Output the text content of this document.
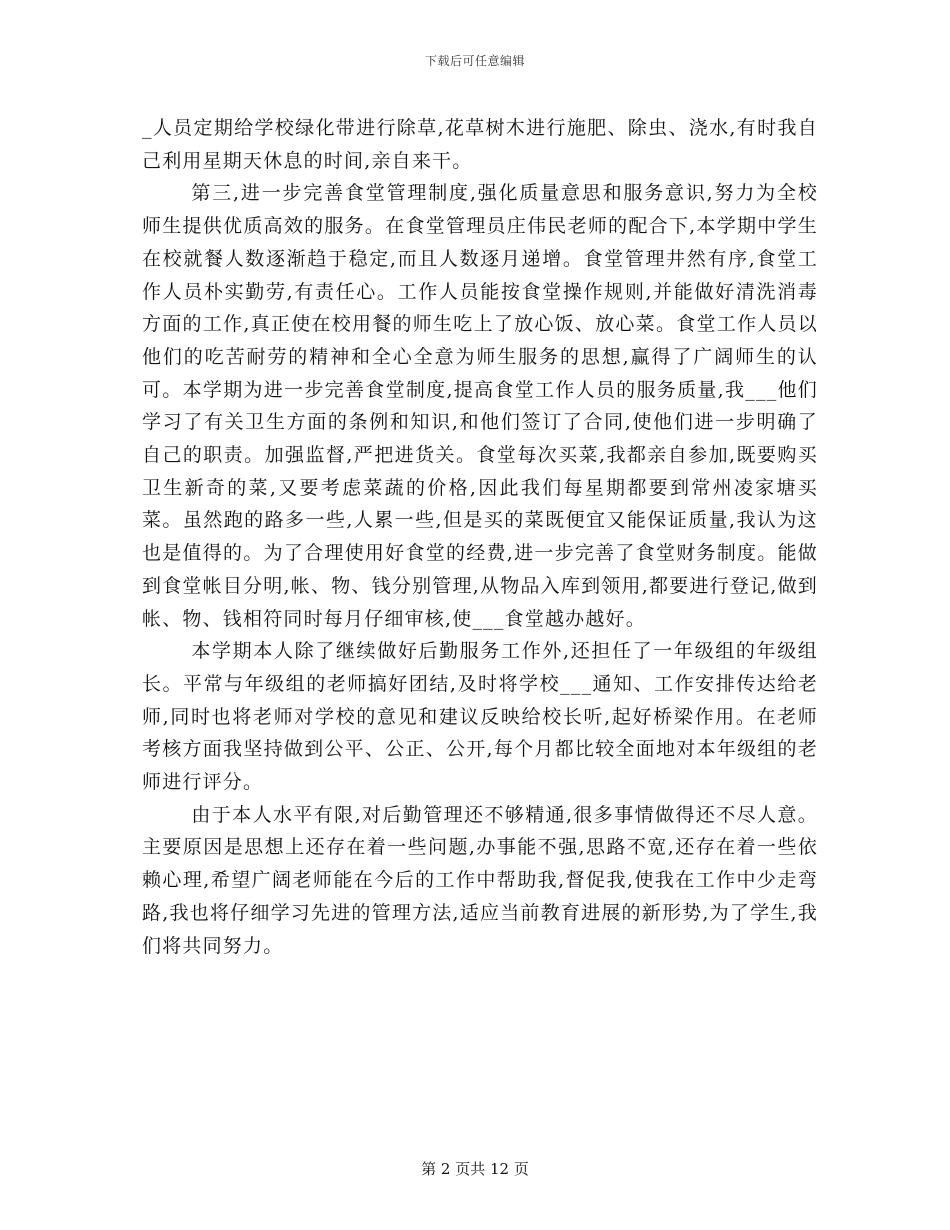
下载后可任意编辑

_人员定期给学校绿化带进行除草,花草树木进行施肥、除虫、浇水,有时我自己利用星期天休息的时间,亲自来干。

第三,进一步完善食堂管理制度,强化质量意思和服务意识,努力为全校师生提供优质高效的服务。在食堂管理员庄伟民老师的配合下,本学期中学生在校就餐人数逐渐趋于稳定,而且人数逐月递增。食堂管理井然有序,食堂工作人员朴实勤劳,有责任心。工作人员能按食堂操作规则,并能做好清洗消毒方面的工作,真正使在校用餐的师生吃上了放心饭、放心菜。食堂工作人员以他们的吃苦耐劳的精神和全心全意为师生服务的思想,赢得了广阔师生的认可。本学期为进一步完善食堂制度,提高食堂工作人员的服务质量,我___他们学习了有关卫生方面的条例和知识,和他们签订了合同,使他们进一步明确了自己的职责。加强监督,严把进货关。食堂每次买菜,我都亲自参加,既要购买卫生新奇的菜,又要考虑菜蔬的价格,因此我们每星期都要到常州凌家塘买菜。虽然跑的路多一些,人累一些,但是买的菜既便宜又能保证质量,我认为这也是值得的。为了合理使用好食堂的经费,进一步完善了食堂财务制度。能做到食堂帐目分明,帐、物、钱分别管理,从物品入库到领用,都要进行登记,做到帐、物、钱相符同时每月仔细审核,使___食堂越办越好。

本学期本人除了继续做好后勤服务工作外,还担任了一年级组的年级组长。平常与年级组的老师搞好团结,及时将学校___通知、工作安排传达给老师,同时也将老师对学校的意见和建议反映给校长听,起好桥梁作用。在老师考核方面我坚持做到公平、公正、公开,每个月都比较全面地对本年级组的老师进行评分。

由于本人水平有限,对后勤管理还不够精通,很多事情做得还不尽人意。主要原因是思想上还存在着一些问题,办事能不强,思路不宽,还存在着一些依赖心理,希望广阔老师能在今后的工作中帮助我,督促我,使我在工作中少走弯路,我也将仔细学习先进的管理方法,适应当前教育进展的新形势,为了学生,我们将共同努力。

第 2 页共 12 页
